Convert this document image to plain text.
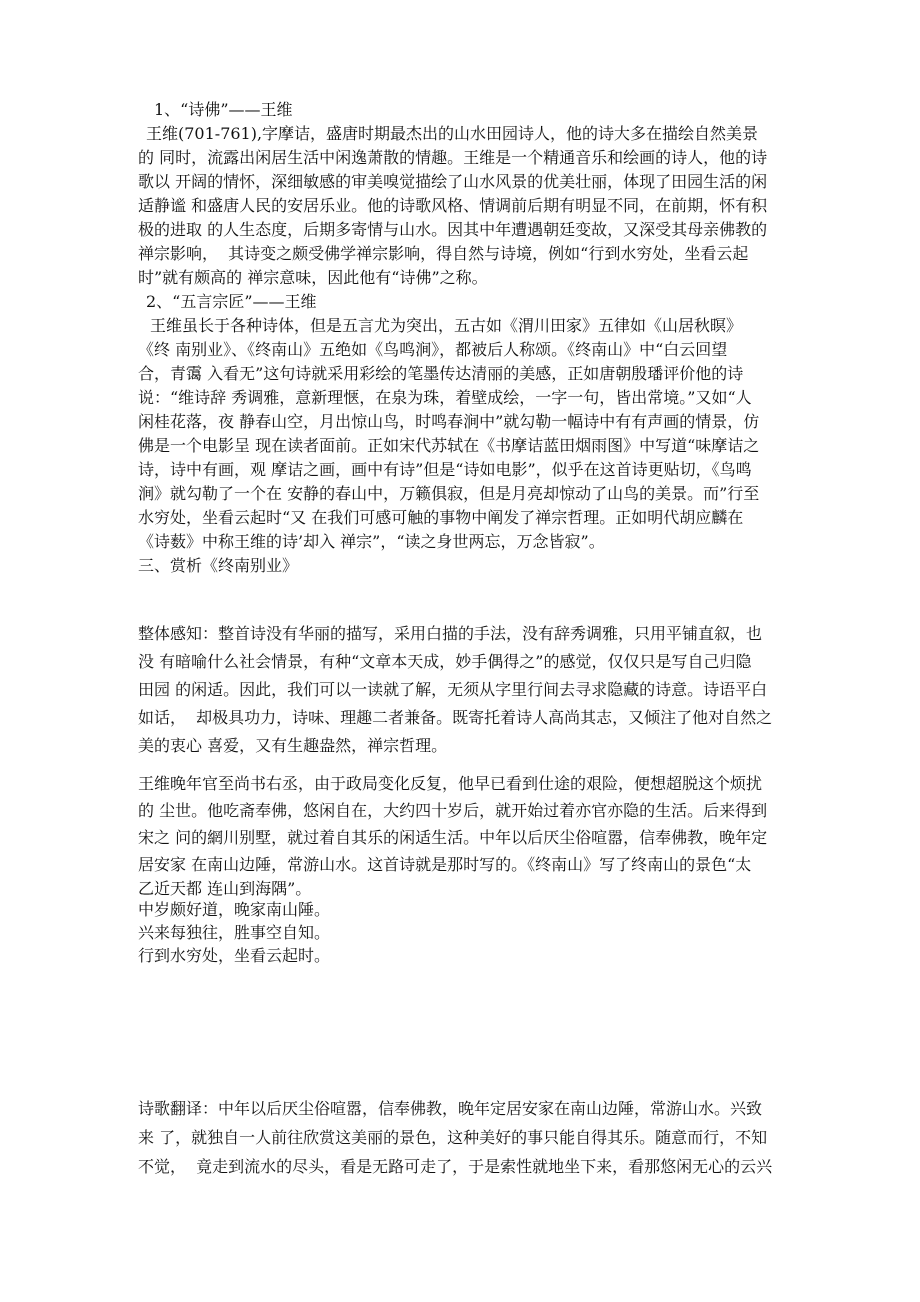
1、“诗佛”——王维
王维(701-761),字摩诘，盛唐时期最杰出的山水田园诗人，他的诗大多在描绘自然美景
的 同时，流露出闲居生活中闲逸萧散的情趣。王维是一个精通音乐和绘画的诗人，他的诗
歌以 开阔的情怀，深细敏感的审美嗅觉描绘了山水风景的优美壮丽，体现了田园生活的闲
适静谧 和盛唐人民的安居乐业。他的诗歌风格、情调前后期有明显不同，在前期，怀有积
极的进取 的人生态度，后期多寄情与山水。因其中年遭遇朝廷变故，又深受其母亲佛教的
禅宗影响，  其诗变之颇受佛学禅宗影响，得自然与诗境，例如“行到水穷处，坐看云起
时”就有颇高的 禅宗意味，因此他有“诗佛”之称。
2、“五言宗匠”——王维
王维虽长于各种诗体，但是五言尤为突出，五古如《渭川田家》五律如《山居秋暝》
《终 南别业》、《终南山》五绝如《鸟鸣涧》，都被后人称颂。《终南山》中“白云回望
合，青霭 入看无”这句诗就采用彩绘的笔墨传达清丽的美感，正如唐朝殷璠评价他的诗
说：“维诗辞 秀调雅，意新理惬，在泉为珠，着壁成绘，一字一句，皆出常境。”又如“人
闲桂花落，夜 静春山空，月出惊山鸟，时鸣春涧中”就勾勒一幅诗中有有声画的情景，仿
佛是一个电影呈 现在读者面前。正如宋代苏轼在《书摩诘蓝田烟雨图》中写道“味摩诘之
诗，诗中有画，观 摩诘之画，画中有诗”但是“诗如电影”，似乎在这首诗更贴切，《鸟鸣
涧》就勾勒了一个在 安静的春山中，万籁俱寂，但是月亮却惊动了山鸟的美景。而”行至
水穷处，坐看云起时“又 在我们可感可触的事物中阐发了禅宗哲理。正如明代胡应麟在
《诗薮》中称王维的诗’却入 禅宗”，“读之身世两忘，万念皆寂”。
三、赏析《终南别业》
整体感知：整首诗没有华丽的描写，采用白描的手法，没有辞秀调雅，只用平铺直叙，也
没 有暗喻什么社会情景，有种“文章本天成，妙手偶得之”的感觉，仅仅只是写自己归隐
田园 的闲适。因此，我们可以一读就了解，无须从字里行间去寻求隐藏的诗意。诗语平白
如话，  却极具功力，诗味、理趣二者兼备。既寄托着诗人高尚其志，又倾注了他对自然之
美的衷心 喜爱，又有生趣盎然，禅宗哲理。
王维晚年官至尚书右丞，由于政局变化反复，他早已看到仕途的艰险，便想超脱这个烦扰
的 尘世。他吃斋奉佛，悠闲自在，大约四十岁后，就开始过着亦官亦隐的生活。后来得到
宋之 问的網川别墅，就过着自其乐的闲适生活。中年以后厌尘俗喧嚣，信奉佛教，晚年定
居安家 在南山边陲，常游山水。这首诗就是那时写的。《终南山》写了终南山的景色“太
乙近天都 连山到海隅”。
中岁颇好道，晚家南山陲。
兴来每独往，胜事空自知。
行到水穷处，坐看云起时。
诗歌翻译：中年以后厌尘俗喧嚣，信奉佛教，晚年定居安家在南山边陲，常游山水。兴致
来 了，就独自一人前往欣赏这美丽的景色，这种美好的事只能自得其乐。随意而行，不知
不觉，  竟走到流水的尽头，看是无路可走了，于是索性就地坐下来，看那悠闲无心的云兴
